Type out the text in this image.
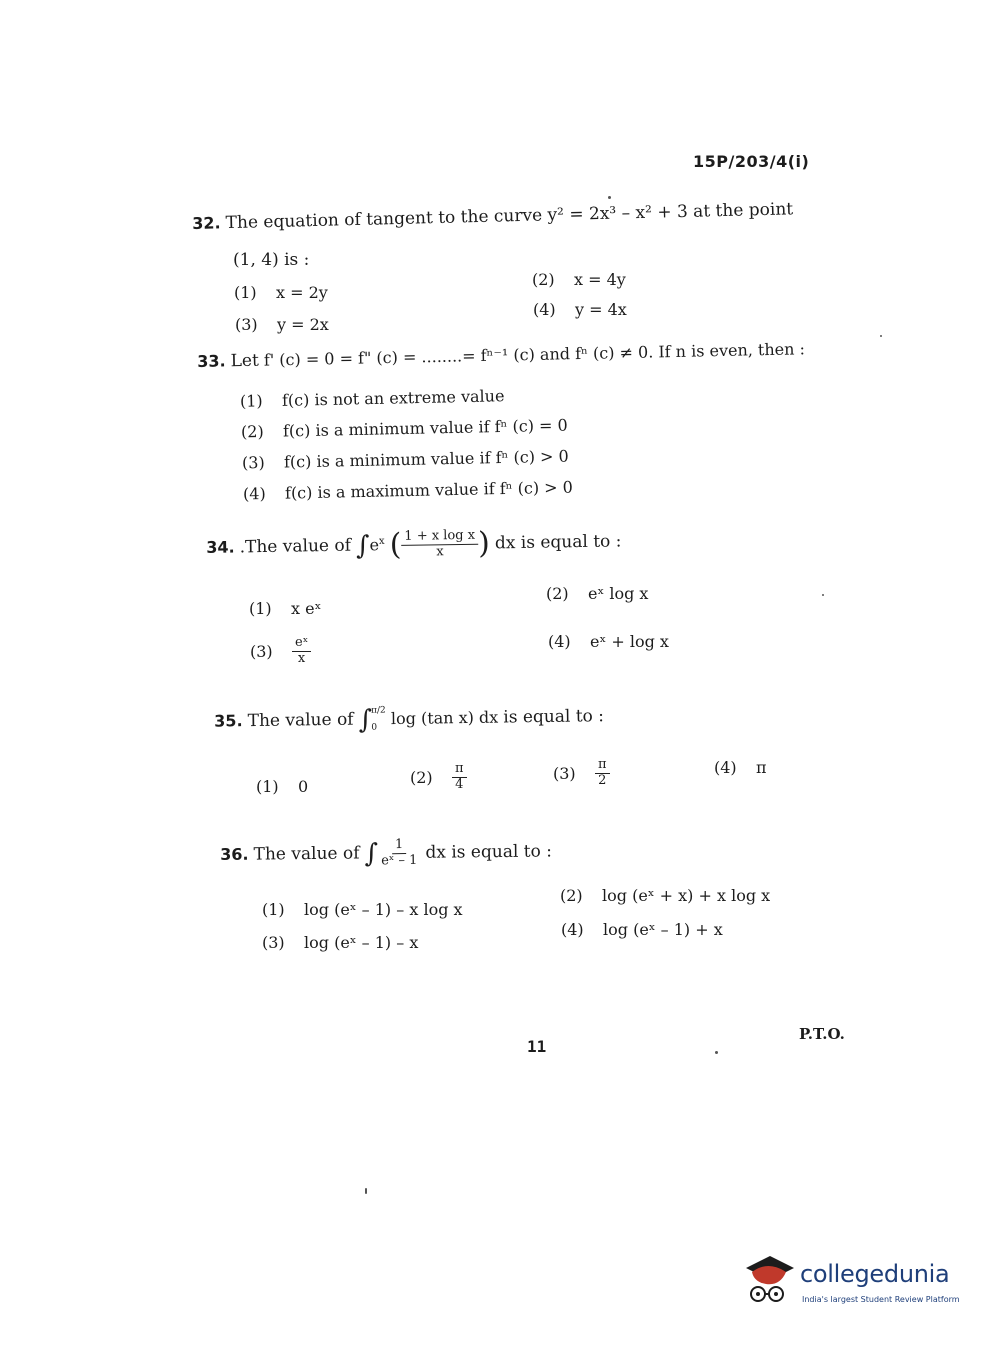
15P/203/4(i)
32. The equation of tangent to the curve y² = 2x³ – x² + 3 at the point
(1, 4) is :
(1) x = 2y
(2) x = 4y
(3) y = 2x
(4) y = 4x
33. Let f' (c) = 0 = f" (c) = ........= fⁿ⁻¹ (c) and fⁿ (c) ≠ 0. If n is even, then :
(1) f(c) is not an extreme value
(2) f(c) is a minimum value if fⁿ (c) = 0
(3) f(c) is a minimum value if fⁿ (c) > 0
(4) f(c) is a maximum value if fⁿ (c) > 0
34. .The value of $\int e^x$ ( $\frac{\text{1 + x log x}}{x}$ ) dx is equal to :
(1) x eˣ
(2) eˣ log x
$(3) \frac{\text{eˣ}}{x}$	(4) eˣ + log x
35. The value of ∫
π/2
0 log (tan x) dx is equal to :
(1) 0	$(2) \frac{\pi}{4}$	$(3) \frac{\pi}{2}$	(4) π
36. The value of ∫ $\frac{1}{\text{eˣ – 1}}$ dx is equal to :
(1) log (eˣ – 1) – x log x
(2) log (eˣ + x) + x log x
(3) log (eˣ – 1) – x
(4) log (eˣ – 1) + x
11
P.T.O.
collegedunia
India's largest Student Review Platform
